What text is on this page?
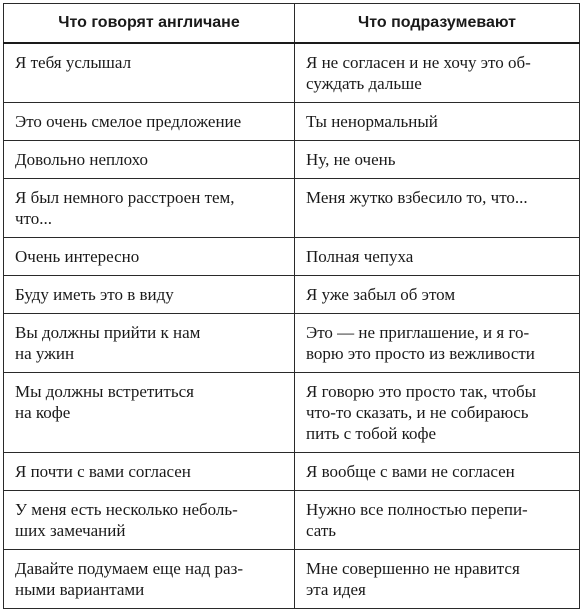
Что говорят англичане	Что подразумевают

Я тебя услышал	Я не согласен и не хочу это об-
суждать дальше

Это очень смелое предложение	Ты ненормальный

Довольно неплохо	Ну, не очень

Я был немного расстроен тем,
что...	Меня жутко взбесило то, что...

Очень интересно	Полная чепуха

Буду иметь это в виду	Я уже забыл об этом

Вы должны прийти к нам
на ужин	Это — не приглашение, и я го-
ворю это просто из вежливости

Мы должны встретиться
на кофе	Я говорю это просто так, чтобы
что-то сказать, и не собираюсь
пить с тобой кофе

Я почти с вами согласен	Я вообще с вами не согласен

У меня есть несколько неболь-
ших замечаний	Нужно все полностью перепи-
сать

Давайте подумаем еще над раз-
ными вариантами	Мне совершенно не нравится
эта идея
